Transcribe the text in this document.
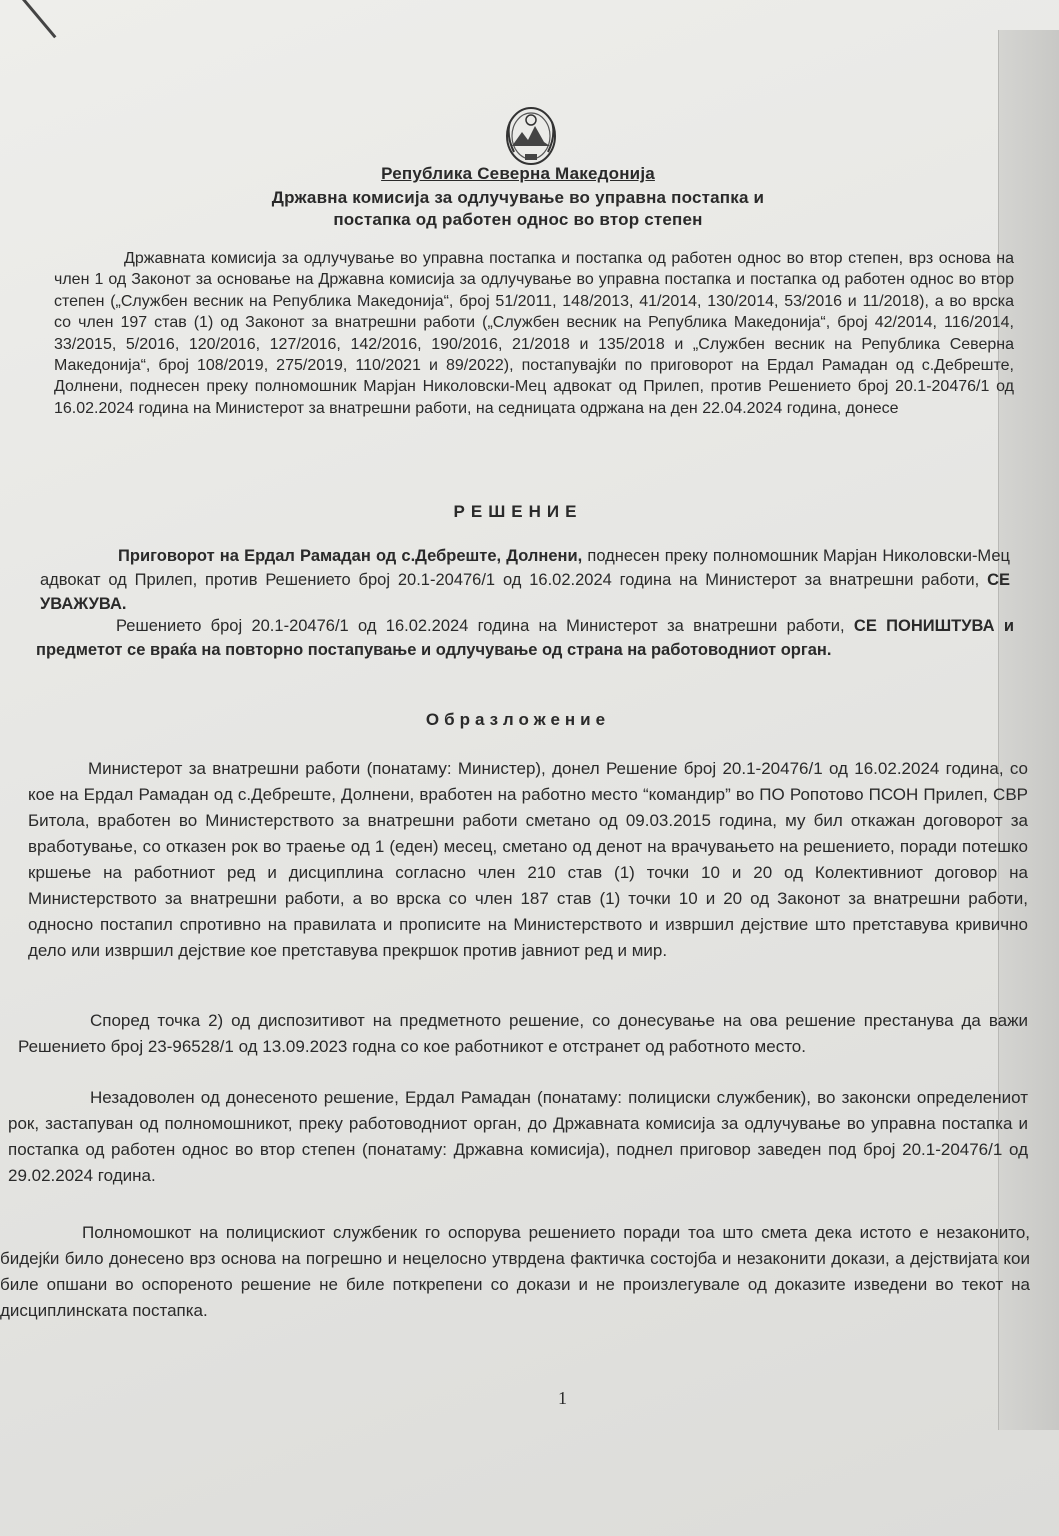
Република Северна Македонија
Државна комисија за одлучување во управна постапка и
постапка од работен однос во втор степен

Државната комисија за одлучување во управна постапка и постапка од работен однос во втор степен, врз основа на член 1 од Законот за основање на Државна комисија за одлучување во управна постапка и постапка од работен однос во втор степен („Службен весник на Република Македонија“, број 51/2011, 148/2013, 41/2014, 130/2014, 53/2016 и 11/2018), а во врска со член 197 став (1) од Законот за внатрешни работи („Службен весник на Република Македонија“, број 42/2014, 116/2014, 33/2015, 5/2016, 120/2016, 127/2016, 142/2016, 190/2016, 21/2018 и 135/2018 и „Службен весник на Република Северна Македонија“, број 108/2019, 275/2019, 110/2021 и 89/2022), постапувајќи по приговорот на Ердал Рамадан од с.Дебреште, Долнени, поднесен преку полномошник Марјан Николовски-Мец адвокат од Прилеп, против Решението број 20.1-20476/1 од 16.02.2024 година на Министерот за внатрешни работи, на седницата одржана на ден 22.04.2024 година, донесе

РЕШЕНИЕ

Приговорот на Ердал Рамадан од с.Дебреште, Долнени, поднесен преку полномошник Марјан Николовски-Мец адвокат од Прилеп, против Решението број 20.1-20476/1 од 16.02.2024 година на Министерот за внатрешни работи, СЕ УВАЖУВА.

Решението број 20.1-20476/1 од 16.02.2024 година на Министерот за внатрешни работи, СЕ ПОНИШТУВА и предметот се враќа на повторно постапување и одлучување од страна на работоводниот орган.

Образложение

Министерот за внатрешни работи (понатаму: Министер), донел Решение број 20.1-20476/1 од 16.02.2024 година, со кое на Ердал Рамадан од с.Дебреште, Долнени, вработен на работно место “командир” во ПО Ропотово ПСОН Прилеп, СВР Битола, вработен во Министерството за внатрешни работи сметано од 09.03.2015 година, му бил откажан договорот за вработување, со отказен рок во траење од 1 (еден) месец, сметано од денот на врачувањето на решението, поради потешко кршење на работниот ред и дисциплина согласно член 210 став (1) точки 10 и 20 од Колективниот договор на Министерството за внатрешни работи, а во врска со член 187 став (1) точки 10 и 20 од Законот за внатрешни работи, односно постапил спротивно на правилата и прописите на Министерството и извршил дејствие што претставува кривично дело или извршил дејствие кое претставува прекршок против јавниот ред и мир.

Според точка 2) од диспозитивот на предметното решение, со донесување на ова решение престанува да важи Решението број 23-96528/1 од 13.09.2023 годна со кое работникот е отстранет од работното место.

Незадоволен од донесеното решение, Ердал Рамадан (понатаму: полициски службеник), во законски определениот рок, застапуван од полномошникот, преку работоводниот орган, до Државната комисија за одлучување во управна постапка и постапка од работен однос во втор степен (понатаму: Државна комисија), поднел приговор заведен под број 20.1-20476/1 од 29.02.2024 година.

Полномошкот на полицискиот службеник го оспорува решението поради тоа што смета дека истото е незаконито, бидејќи било донесено врз основа на погрешно и нецелосно утврдена фактичка состојба и незаконити докази, а дејствијата кои биле опшани во оспореното решение не биле поткрепени со докази и не произлегувале од доказите изведени во текот на дисциплинската постапка.

1
